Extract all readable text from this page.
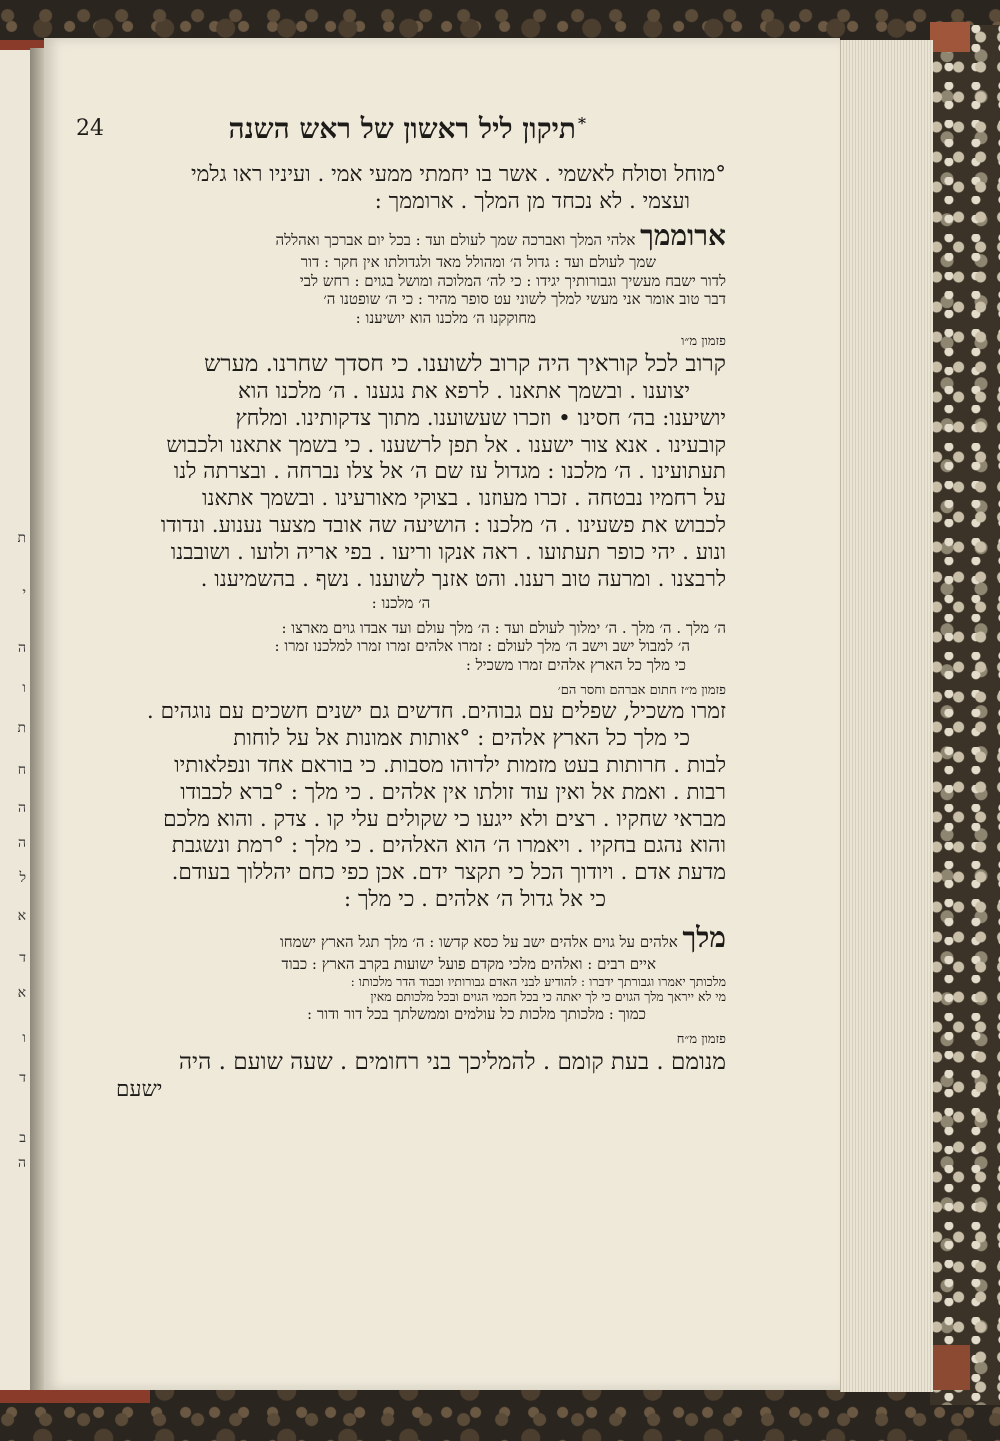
ת
י
ה
ו
ת
ח
ה
ה
ל
א
ד
א
ו
ד
ב
ה
24	*
תיקון ליל ראשון של ראש השנה
°מוחל וסולח לאשמי . אשר בו יחמתי ממעי אמי . ועיניו ראו גלמי
ועצמי . לא נכחד מן המלך . ארוממך :
ארוממך אלהי המלך ואברכה שמך לעולם ועד : בכל יום אברכך ואהללה
שמך לעולם ועד : גדול ה׳ ומהולל מאד ולגדולתו אין חקר : דור
לדור ישבח מעשיך וגבורותיך יגידו : כי לה׳ המלוכה ומושל בגוים : רחש לבי
דבר טוב אומר אני מעשי למלך לשוני עט סופר מהיר : כי ה׳ שופטנו ה׳
מחוקקנו ה׳ מלכנו הוא יושיענו :
פזמון מ״ו
קרוב לכל קוראיך היה קרוב לשוענו. כי חסדך שחרנו. מערש
יצוענו . ובשמך אתאנו . לרפא את נגענו . ה׳ מלכנו הוא
יושיענו: בה׳ חסינו • וזכרו שעשוענו. מתוך צדקותינו. ומלחץ
קובעינו . אנא צור ישענו . אל תפן לרשענו . כי בשמך אתאנו ולכבוש
תעתועינו . ה׳ מלכנו : מגדול עז שם ה׳ אל צלו נברחה . ובצרתה לנו
על רחמיו נבטחה . זכרו מעוזנו . בצוקי מאורעינו . ובשמך אתאנו
לכבוש את פשעינו . ה׳ מלכנו : הושיעה שה אובד מצער נענוע. ונדודו
ונוע . יהי כופר תעתועו . ראה אנקו וריעו . בפי אריה ולועו . ושובבנו
לרבצנו . ומרעה טוב רענו. והט אזנך לשוענו . נשף . בהשמיענו .
ה׳ מלכנו :
ה׳ מלך . ה׳ מלך . ה׳ ימלוך לעולם ועד : ה׳ מלך עולם ועד אבדו גוים מארצו :
ה׳ למבול ישב וישב ה׳ מלך לעולם : זמרו אלהים זמרו זמרו למלכנו זמרו :
כי מלך כל הארץ אלהים זמרו משכיל :
פזמון מ״ז חתום אברהם וחסר הם׳
זמרו משכיל, שפלים עם גבוהים. חדשים גם ישנים חשכים עם נוגהים .
כי מלך כל הארץ אלהים : °אותות אמונות אל על לוחות
לבות . חרותות בעט מזמות ילדוהו מסבות. כי בוראם אחד ונפלאותיו
רבות . ואמת אל ואין עוד זולתו אין אלהים . כי מלך : °ברא לכבודו
מבראי שחקיו . רצים ולא ייגעו כי שקולים עלי קו . צדק . והוא מלכם
והוא נהגם בחקיו . ויאמרו ה׳ הוא האלהים . כי מלך : °רמת ונשגבת
מדעת אדם . ויודוך הכל כי תקצר ידם. אכן כפי כחם יהללוך בעודם.
כי אל גדול ה׳ אלהים . כי מלך :
מלך אלהים על גוים אלהים ישב על כסא קדשו : ה׳ מלך תגל הארץ ישמחו
איים רבים : ואלהים מלכי מקדם פועל ישועות בקרב הארץ : כבוד
מלכותך יאמרו וגבורתך ידברו : להודיע לבני האדם גבורותיו וכבוד הדר מלכותו :
מי לא ייראך מלך הגוים כי לך יאתה כי בכל חכמי הגוים ובכל מלכותם מאין
כמוך : מלכותך מלכות כל עולמים וממשלתך בכל דור ודור :
פזמון מ״ח
מנומם . בעת קומם . להמליכך בני רחומים . שעה שועם . היה
ישעם
